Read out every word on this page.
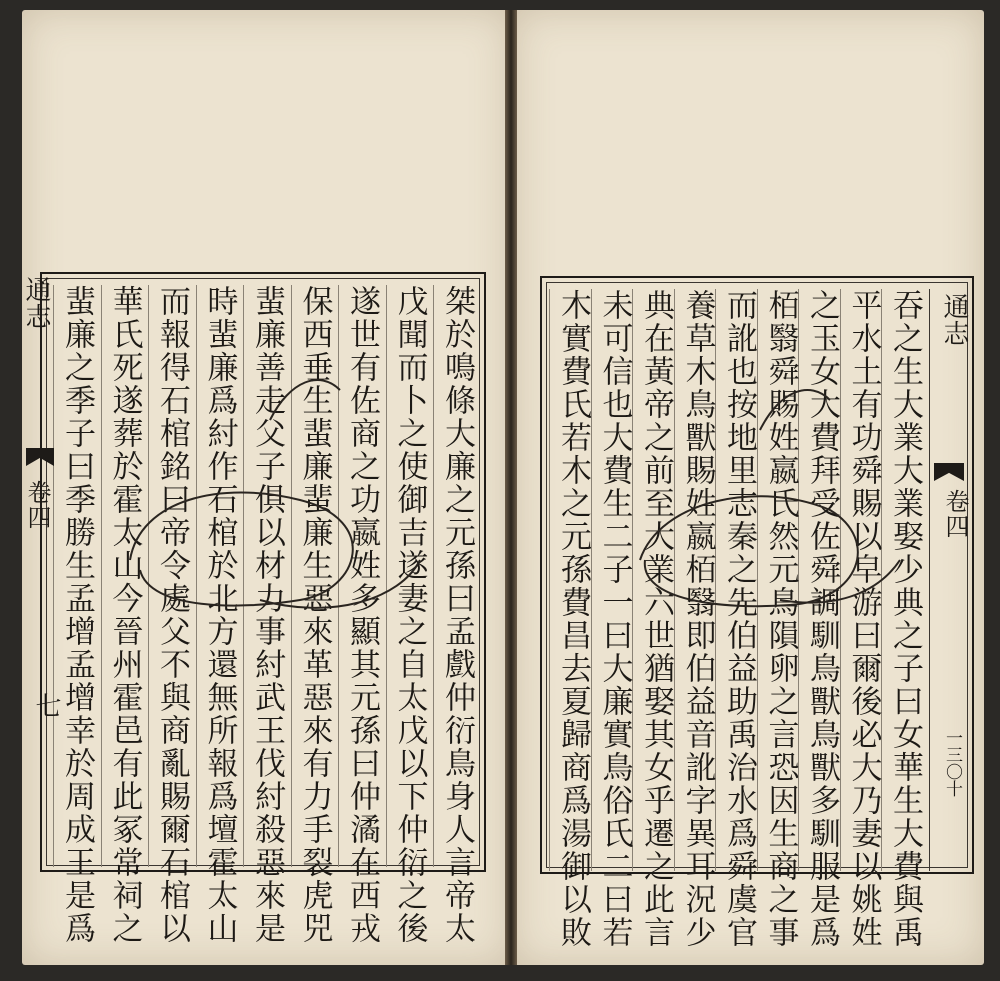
桀於鳴條大廉之元孫曰孟戲仲衍鳥身人言帝太
戊聞而卜之使御吉遂妻之自太戊以下仲衍之後
遂世有佐商之功嬴姓多顯其元孫曰仲潏在西戎
保西垂生蜚廉蜚廉生惡來革惡來有力手裂虎兕
蜚廉善走父子俱以材力事紂武王伐紂殺惡來是
時蜚廉爲紂作石棺於北方還無所報爲壇霍太山
而報得石棺銘曰帝令處父不與商亂賜爾石棺以
華氏死遂葬於霍太山今晉州霍邑有此冢常祠之
蜚廉之季子曰季勝生孟增孟增幸於周成王是爲
通志
卷四
七	吞之生大業大業娶少典之子曰女華生大費與禹
平水土有功舜賜以皁游曰爾後必大乃妻以姚姓
之玉女大費拜受佐舜調馴鳥獸鳥獸多馴服是爲
栢翳舜賜姓嬴氏然元鳥隕卵之言恐因生商之事
而訛也按地里志秦之先伯益助禹治水爲舜虞官
養草木鳥獸賜姓嬴栢翳即伯益音訛字異耳況少
典在黃帝之前至大業六世猶娶其女乎遷之此言
未可信也大費生二子一曰大廉實鳥俗氏二曰若
木實費氏若木之元孫費昌去夏歸商爲湯御以敗	通志
卷四
一三〇十
